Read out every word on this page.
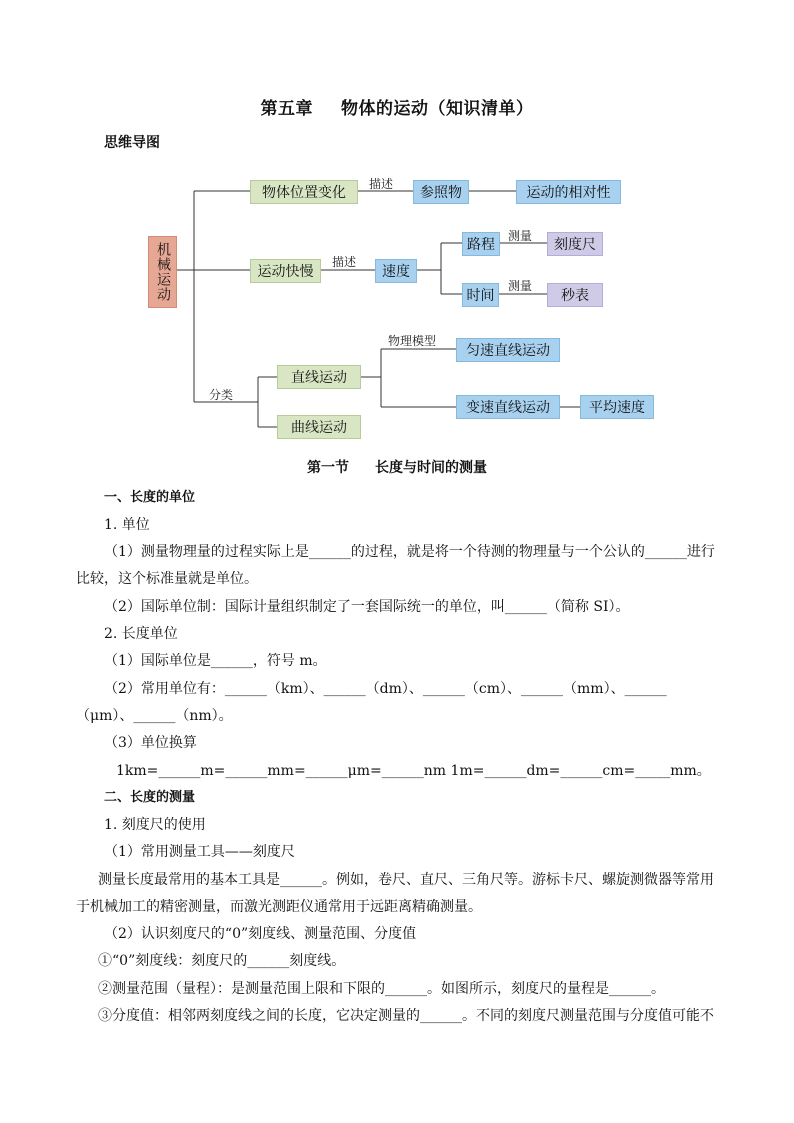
第五章 物体的运动（知识清单）
思维导图
机械运动
物体位置变化
描述
参照物	运动的相对性
运动快慢
描述
速度
路程
测量
刻度尺
时间
测量
秒表
物理模型
匀速直线运动
分类
直线运动
变速直线运动	平均速度
曲线运动
第一节 长度与时间的测量
一、长度的单位
1. 单位
（1）测量物理量的过程实际上是______的过程，就是将一个待测的物理量与一个公认的______进行
比较，这个标准量就是单位。
（2）国际单位制：国际计量组织制定了一套国际统一的单位，叫______（简称 SI）。
2. 长度单位
（1）国际单位是______，符号 m。
（2）常用单位有：______（km）、______（dm）、______（cm）、______（mm）、______
（μm）、______（nm）。
（3）单位换算
1km=______m=______mm=______μm=______nm 1m=______dm=______cm=_____mm。
二、长度的测量
1. 刻度尺的使用
（1）常用测量工具——刻度尺
测量长度最常用的基本工具是______。例如，卷尺、直尺、三角尺等。游标卡尺、螺旋测微器等常用
于机械加工的精密测量，而激光测距仪通常用于远距离精确测量。
（2）认识刻度尺的“0”刻度线、测量范围、分度值
①“0”刻度线：刻度尺的______刻度线。
②测量范围（量程）：是测量范围上限和下限的______。如图所示，刻度尺的量程是______。
③分度值：相邻两刻度线之间的长度，它决定测量的______。不同的刻度尺测量范围与分度值可能不
